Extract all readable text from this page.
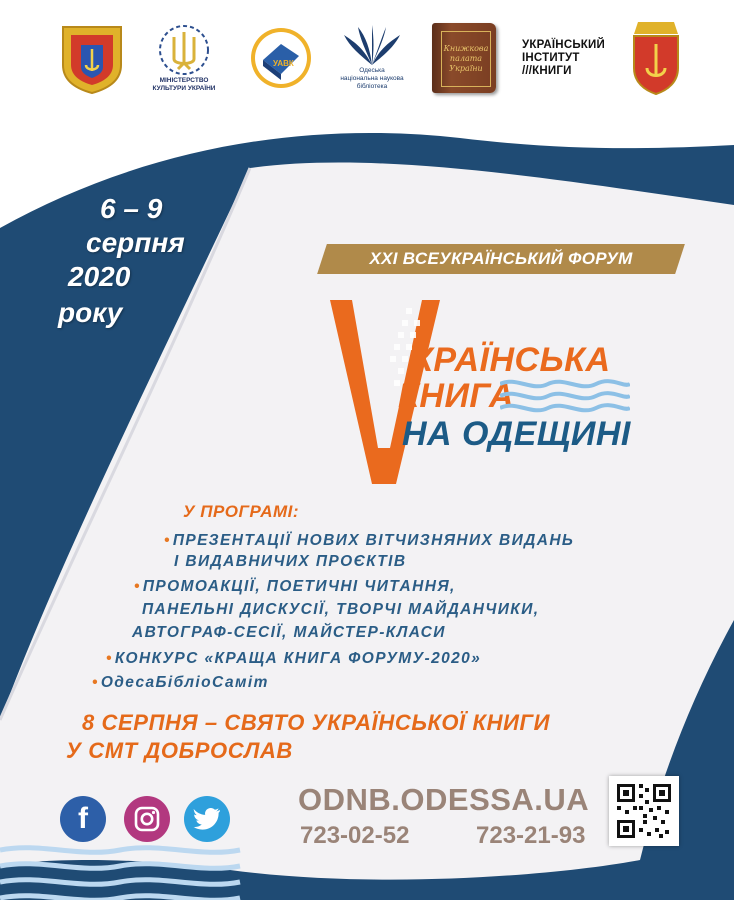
МІНІСТЕРСТВО
КУЛЬТУРИ УКРАЇНИ
УАВК
Одеська
національна наукова
бібліотека
Книжкова
палата
України
УКРАЇНСЬКИЙ
ІНСТИТУТ
///КНИГИ
6 – 9
серпня
2020
року
XXI ВСЕУКРАЇНСЬКИЙ ФОРУМ
КРАЇНСЬКА
КНИГА
НА ОДЕЩИНІ
У ПРОГРАМІ:
• ПРЕЗЕНТАЦІЇ НОВИХ ВІТЧИЗНЯНИХ ВИДАНЬ
І ВИДАВНИЧИХ ПРОЄКТІВ
• ПРОМОАКЦІЇ, ПОЕТИЧНІ ЧИТАННЯ,
ПАНЕЛЬНІ ДИСКУСІЇ, ТВОРЧІ МАЙДАНЧИКИ,
АВТОГРАФ-СЕСІЇ, МАЙСТЕР-КЛАСИ
• КОНКУРС «КРАЩА КНИГА ФОРУМУ-2020»
• ОдесаБібліоСаміт
8 СЕРПНЯ – СВЯТО УКРАЇНСЬКОЇ КНИГИ
У СМТ ДОБРОСЛАВ
f
ODNB.ODESSA.UA
723-02-52	723-21-93
